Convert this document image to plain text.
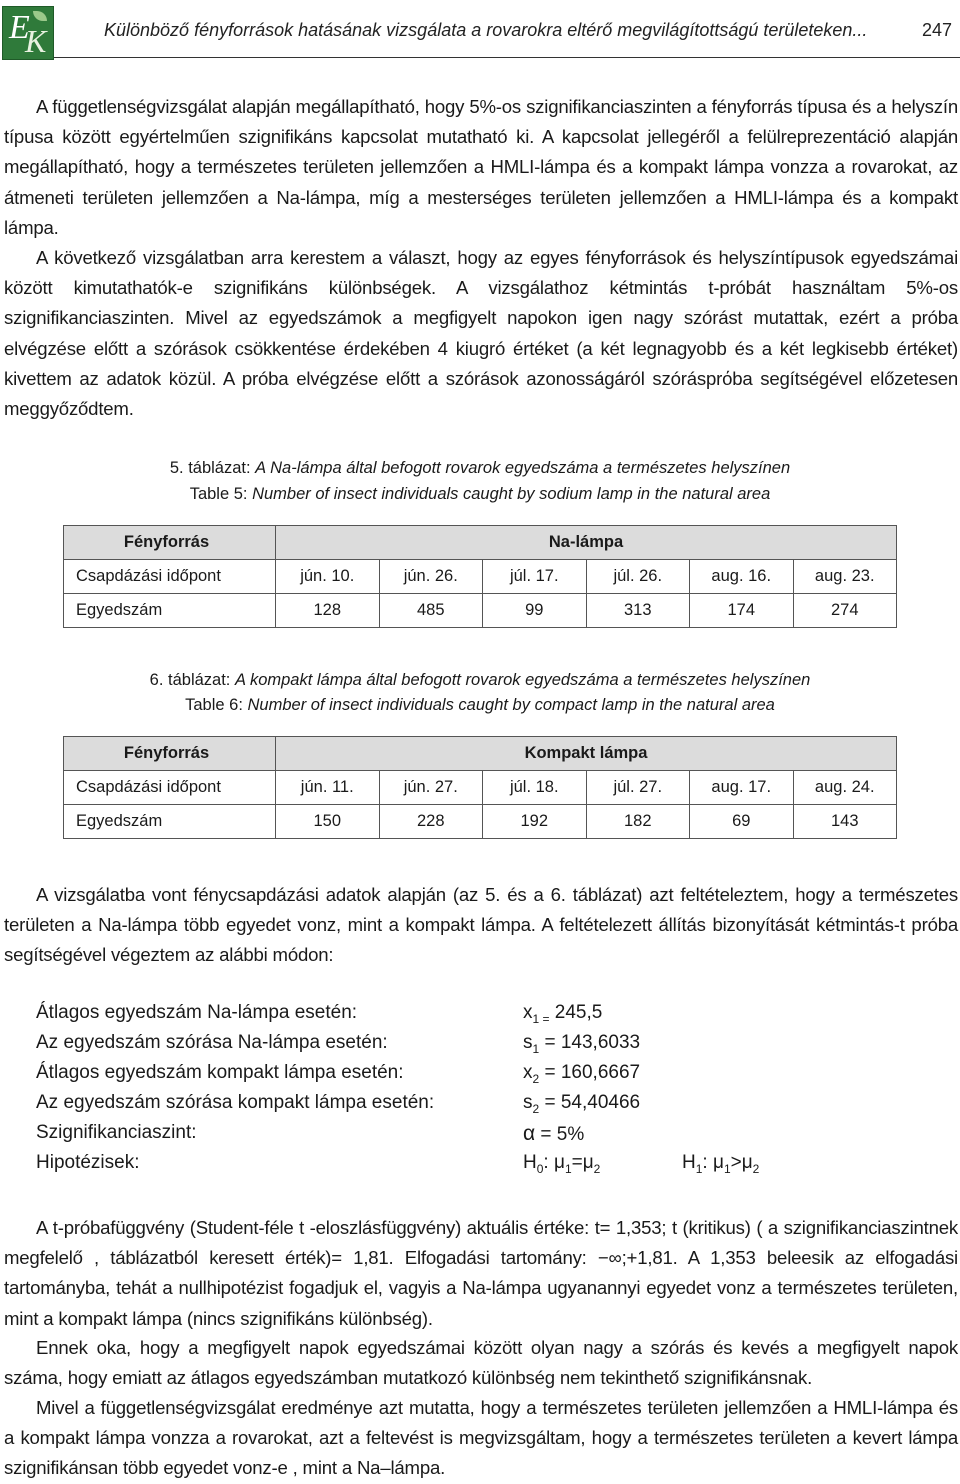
E
K	Különböző fényforrások hatásának vizsgálata a rovarokra eltérő megvilágítottságú területeken...	247

A függetlenségvizsgálat alapján megállapítható, hogy 5%-os szignifikanciaszinten a fényforrás típusa és a helyszín típusa között egyértelműen szignifikáns kapcsolat mutatható ki. A kapcsolat jellegéről a felülreprezentáció alapján megállapítható, hogy a természetes területen jellemzően a HMLI-lámpa és a kompakt lámpa vonzza a rovarokat, az átmeneti területen jellemzően a Na-lámpa, míg a mesterséges területen jellemzően a HMLI-lámpa és a kompakt lámpa.

A következő vizsgálatban arra kerestem a választ, hogy az egyes fényforrások és helyszíntípusok egyedszámai között kimutathatók-e szignifikáns különbségek. A vizsgálathoz kétmintás t-próbát használtam 5%-os szignifikanciaszinten. Mivel az egyedszámok a megfigyelt napokon igen nagy szórást mutattak, ezért a próba elvégzése előtt a szórások csökkentése érdekében 4 kiugró értéket (a két legnagyobb és a két legkisebb értéket) kivettem az adatok közül. A próba elvégzése előtt a szórások azonosságáról szórásprόba segítségével előzetesen meggyőződtem.

5. táblázat: A Na-lámpa által befogott rovarok egyedszáma a természetes helyszínen
Table 5: Number of insect individuals caught by sodium lamp in the natural area
Fényforrás	Na-lámpa					
Csapdázási időpont	jún. 10.	jún. 26.	júl. 17.	júl. 26.	aug. 16.	aug. 23.
Egyedszám	128	485	99	313	174	274
6. táblázat: A kompakt lámpa által befogott rovarok egyedszáma a természetes helyszínen
Table 6: Number of insect individuals caught by compact lamp in the natural area
Fényforrás	Kompakt lámpa					
Csapdázási időpont	jún. 11.	jún. 27.	júl. 18.	júl. 27.	aug. 17.	aug. 24.
Egyedszám	150	228	192	182	69	143

A vizsgálatba vont fénycsapdázási adatok alapján (az 5. és a 6. táblázat) azt feltételeztem, hogy a természetes területen a Na-lámpa több egyedet vonz, mint a kompakt lámpa. A feltételezett állítás bizonyítását kétmintás-t próba segítségével végeztem az alábbi módon:

Átlagos egyedszám Na-lámpa esetén:	$x_{1 =}$ 245,5
Az egyedszám szórása Na-lámpa esetén:	$s_1 = 143,6033$
Átlagos egyedszám kompakt lámpa esetén:	$x_2 = 160,6667$
Az egyedszám szórása kompakt lámpa esetén:	$s_2 = 54,40466$
Szignifikanciaszint:	α = 5%
Hipotézisek:	$H_0$: $\mu_1=\mu_2$	$H_1$: $\mu_1>\mu_2$

A t-próbafüggvény (Student-féle t -eloszlásfüggvény) aktuális értéke: t= 1,353; t (kritikus) ( a szignifikanciaszintnek megfelelő , táblázatból keresett érték)= 1,81. Elfogadási tartomány: −∞;+1,81. A 1,353 beleesik az elfogadási tartományba, tehát a nullhipotézist fogadjuk el, vagyis a Na-lámpa ugyanannyi egyedet vonz a természetes területen, mint a kompakt lámpa (nincs szignifikáns különbség).

Ennek oka, hogy a megfigyelt napok egyedszámai között olyan nagy a szórás és kevés a megfigyelt napok száma, hogy emiatt az átlagos egyedszámban mutatkozó különbség nem tekinthető szignifikánsnak.

Mivel a függetlenségvizsgálat eredménye azt mutatta, hogy a természetes területen jellemzően a HMLI-lámpa és a kompakt lámpa vonzza a rovarokat, azt a feltevést is megvizsgáltam, hogy a természetes területen a kevert lámpa szignifikánsan több egyedet vonz-e , mint a Na–lámpa.
